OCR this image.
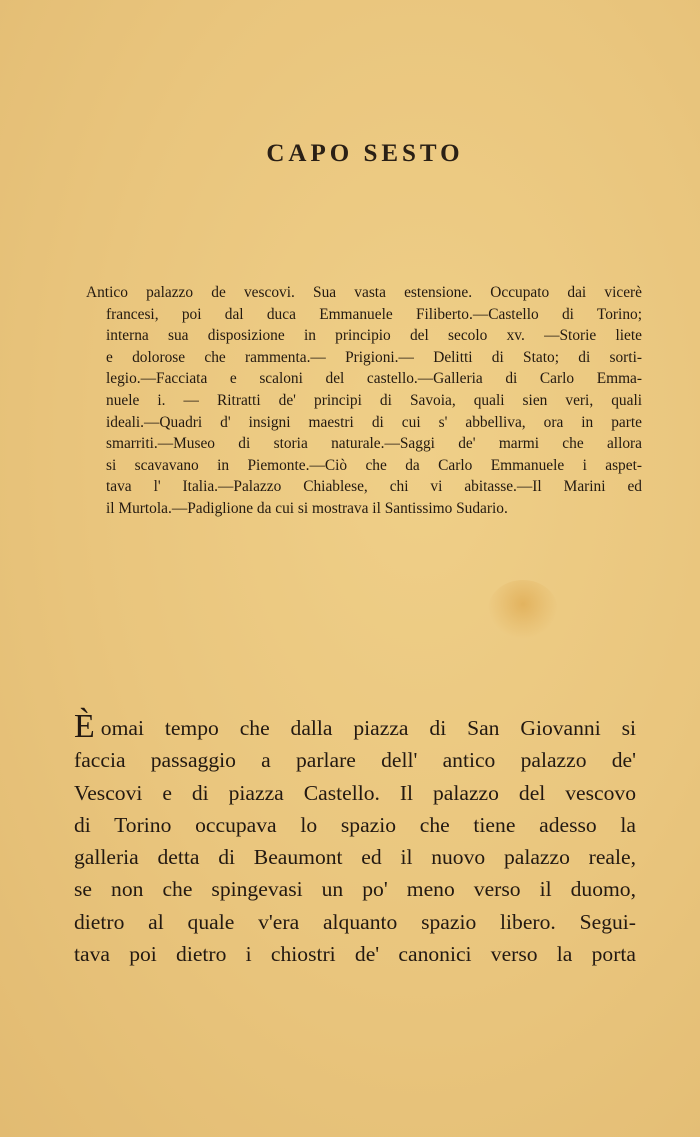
CAPO SESTO
Antico palazzo de vescovi. Sua vasta estensione. Occupato dai vicerè
francesi, poi dal duca Emmanuele Filiberto.—Castello di Torino;
interna sua disposizione in principio del secolo xv. —Storie liete
e dolorose che rammenta.— Prigioni.— Delitti di Stato; di sorti-
legio.—Facciata e scaloni del castello.—Galleria di Carlo Emma-
nuele i. — Ritratti de' principi di Savoia, quali sien veri, quali
ideali.—Quadri d' insigni maestri di cui s' abbelliva, ora in parte
smarriti.—Museo di storia naturale.—Saggi de' marmi che allora
si scavavano in Piemonte.—Ciò che da Carlo Emmanuele i aspet-
tava l' Italia.—Palazzo Chiablese, chi vi abitasse.—Il Marini ed
il Murtola.—Padiglione da cui si mostrava il Santissimo Sudario.
Èomai tempo che dalla piazza di San Giovanni si
faccia passaggio a parlare dell' antico palazzo de'
Vescovi e di piazza Castello. Il palazzo del vescovo
di Torino occupava lo spazio che tiene adesso la
galleria detta di Beaumont ed il nuovo palazzo reale,
se non che spingevasi un po' meno verso il duomo,
dietro al quale v'era alquanto spazio libero. Segui-
tava poi dietro i chiostri de' canonici verso la porta
